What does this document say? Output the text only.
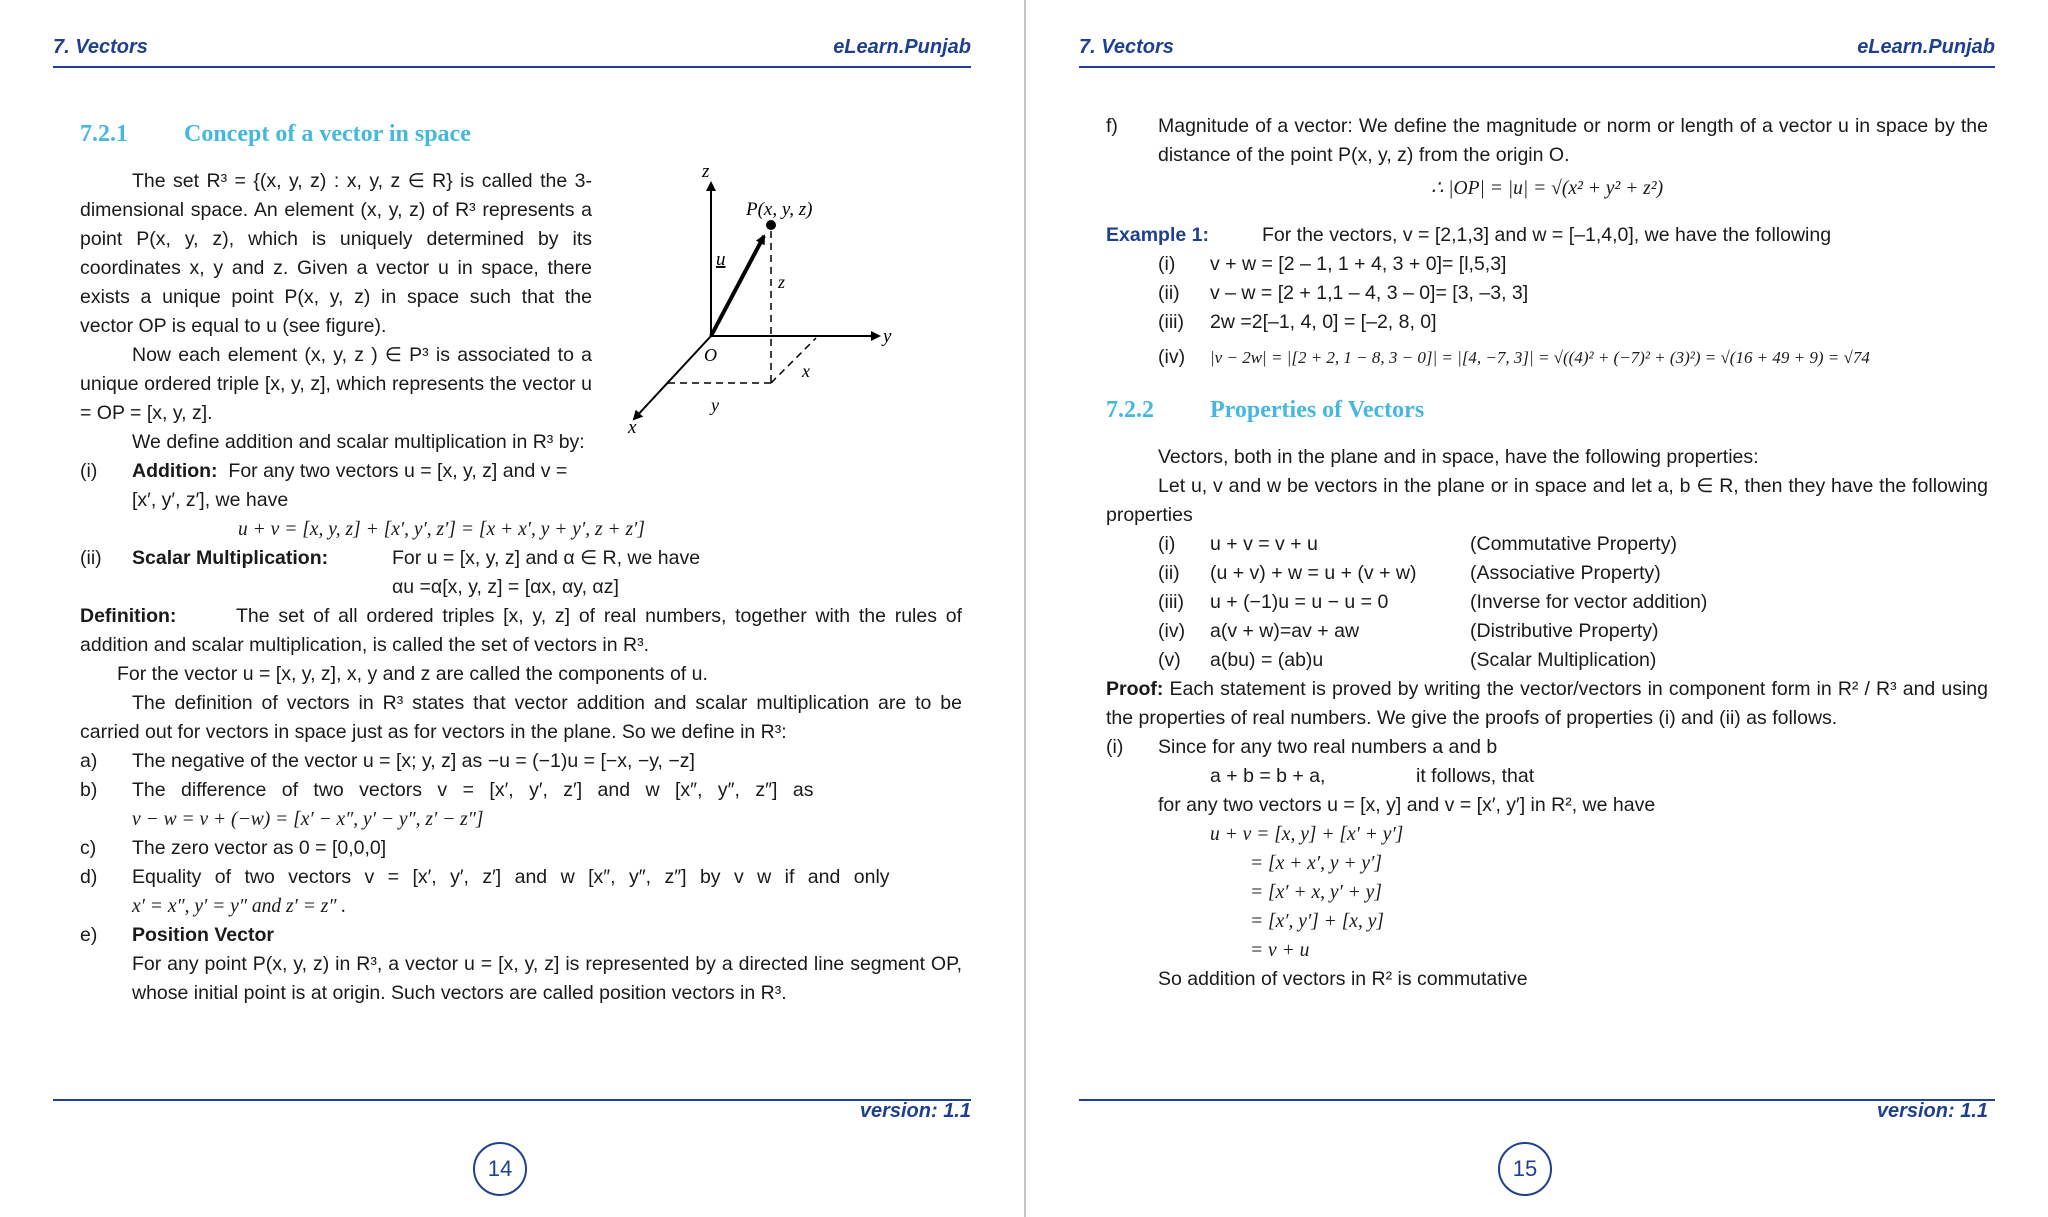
7. Vectors	eLearn.Punjab
7.2.1 Concept of a vector in space
z
y
x
O
P(x, y, z)
u
z
y
x

The set R³ = {(x, y, z) : x, y, z ∈ R} is called the 3-dimensional space. An element (x, y, z) of R³ represents a point P(x, y, z), which is uniquely determined by its coordinates x, y and z. Given a vector u in space, there exists a unique point P(x, y, z) in space such that the vector OP is equal to u (see figure).

Now each element (x, y, z ) ∈ P³ is associated to a unique ordered triple [x, y, z], which represents the vector u = OP = [x, y, z].

We define addition and scalar multiplication in R³ by:

(i)	Addition: For any two vectors u = [x, y, z] and v = [x′, y′, z′], we have

u + v = [x, y, z] + [x′, y′, z′] = [x + x′, y + y′, z + z′]

(ii)	Scalar Multiplication:	For u = [x, y, z] and α ∈ R, we have

αu =α[x, y, z] = [αx, αy, αz]

Definition:	The set of all ordered triples [x, y, z] of real numbers, together with the rules of addition and scalar multiplication, is called the set of vectors in R³.

For the vector u = [x, y, z], x, y and z are called the components of u.

The definition of vectors in R³ states that vector addition and scalar multiplication are to be carried out for vectors in space just as for vectors in the plane. So we define in R³:

a)	The negative of the vector u = [x; y, z] as −u = (−1)u = [−x, −y, −z]
b)	The difference of two vectors v = [x′, y′, z′] and w [x″, y″, z″] as

v − w = v + (−w) = [x′ − x″, y′ − y″, z′ − z″]

c)	The zero vector as 0 = [0,0,0]
d)	Equality of two vectors v = [x′, y′, z′] and w [x″, y″, z″] by v w if and only

x′ = x″, y′ = y″ and z′ = z″ .

e)	Position Vector

For any point P(x, y, z) in R³, a vector u = [x, y, z] is represented by a directed line segment OP, whose initial point is at origin. Such vectors are called position vectors in R³.

version: 1.1
14
7. Vectors	eLearn.Punjab
f)	Magnitude of a vector: We define the magnitude or norm or length of a vector u in space by the distance of the point P(x, y, z) from the origin O.

∴ |OP| = |u| = √(x² + y² + z²)

Example 1:	For the vectors, v = [2,1,3] and w = [–1,4,0], we have the following

(i)	v + w = [2 – 1, 1 + 4, 3 + 0]= [l,5,3]
(ii)	v – w = [2 + 1,1 – 4, 3 – 0]= [3, –3, 3]
(iii)	2w =2[–1, 4, 0] = [–2, 8, 0]
(iv)	|v − 2w| = |[2 + 2, 1 − 8, 3 − 0]| = |[4, −7, 3]| = √((4)² + (−7)² + (3)²) = √(16 + 49 + 9) = √74
7.2.2 Properties of Vectors

Vectors, both in the plane and in space, have the following properties:

Let u, v and w be vectors in the plane or in space and let a, b ∈ R, then they have the following properties

(i)	u + v = v + u	(Commutative Property)
(ii)	(u + v) + w = u + (v + w)	(Associative Property)
(iii)	u + (−1)u = u − u = 0	(Inverse for vector addition)
(iv)	a(v + w)=av + aw	(Distributive Property)
(v)	a(bu) = (ab)u	(Scalar Multiplication)

Proof: Each statement is proved by writing the vector/vectors in component form in R² / R³ and using the properties of real numbers. We give the proofs of properties (i) and (ii) as follows.

(i)	Since for any two real numbers a and b

a + b = b + a,	it follows, that

for any two vectors u = [x, y] and v = [x′, y′] in R², we have

u + v = [x, y] + [x′ + y′]
= [x + x′, y + y′]
= [x′ + x, y′ + y]
= [x′, y′] + [x, y]
= v + u

So addition of vectors in R² is commutative

version: 1.1
15
